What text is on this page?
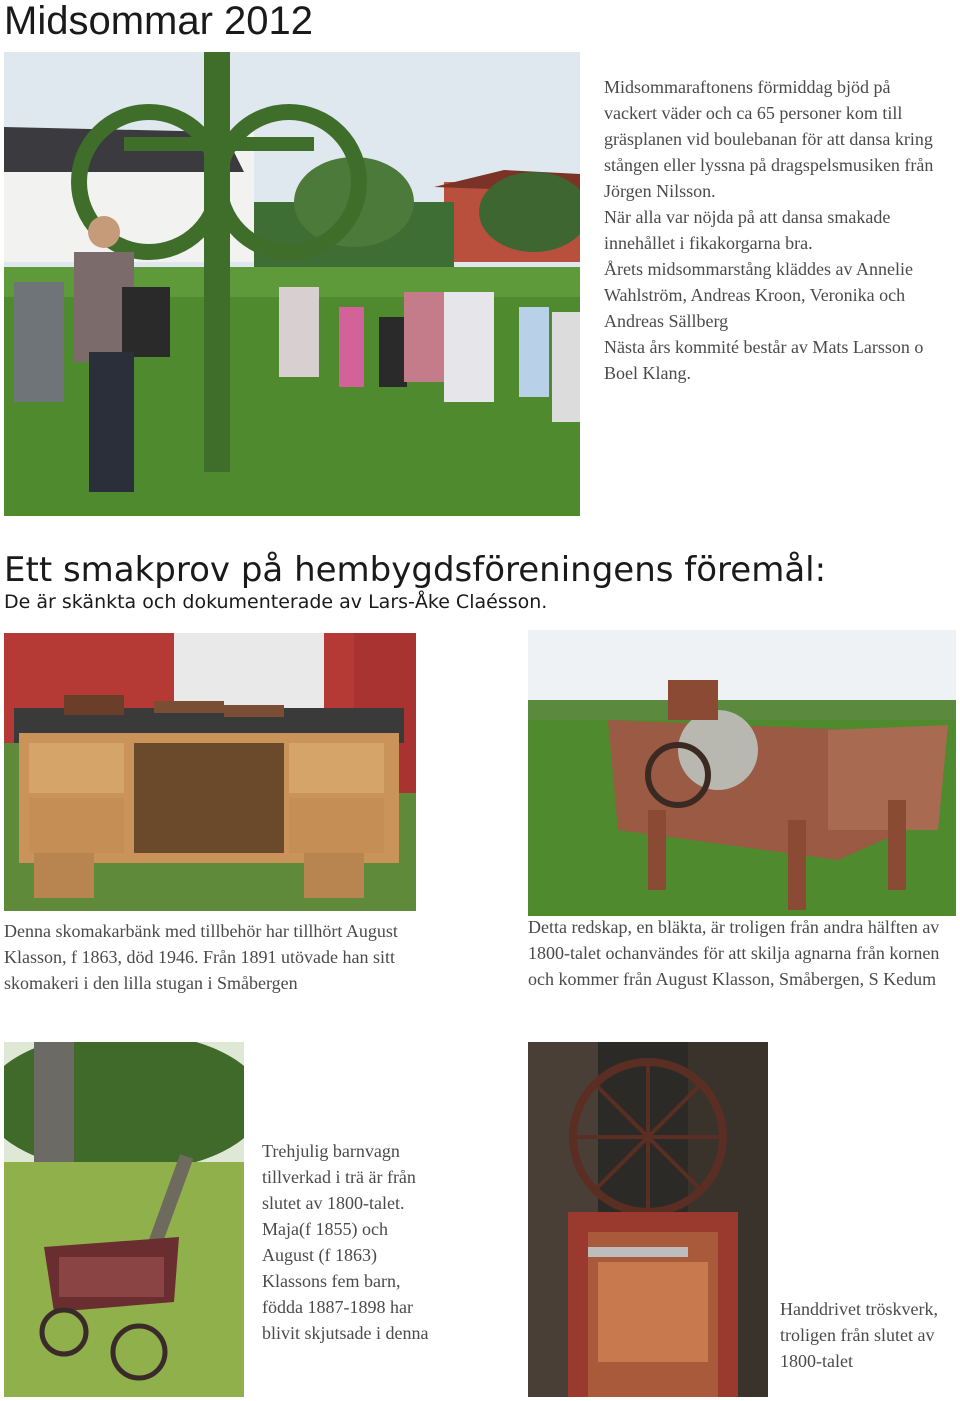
Midsommar 2012

Midsommaraftonens förmiddag bjöd på vackert väder och ca 65 personer kom till gräsplanen vid boulebanan för att dansa kring stången eller lyssna på dragspelsmusiken från Jörgen Nilsson.

När alla var nöjda på att dansa smakade innehållet i fikakorgarna bra.

Årets midsommarstång kläddes av Annelie Wahlström, Andreas Kroon, Veronika och Andreas Sällberg

Nästa års kommité består av Mats Larsson o Boel Klang.

Ett smakprov på hembygdsföreningens föremål:
De är skänkta och dokumenterade av Lars-Åke Claésson.
Denna skomakarbänk med tillbehör har tillhört August Klasson, f 1863, död 1946. Från 1891 utövade han sitt skomakeri i den lilla stugan i Småbergen
Detta redskap, en bläkta, är troligen från andra hälften av 1800-talet ochanvändes för att skilja agnarna från kornen och kommer från August Klasson, Småbergen, S Kedum
Trehjulig barnvagn tillverkad i trä är från slutet av 1800-talet. Maja(f 1855) och August (f 1863) Klassons fem barn, födda 1887-1898 har blivit skjutsade i denna
Handdrivet tröskverk, troligen från slutet av 1800-talet
